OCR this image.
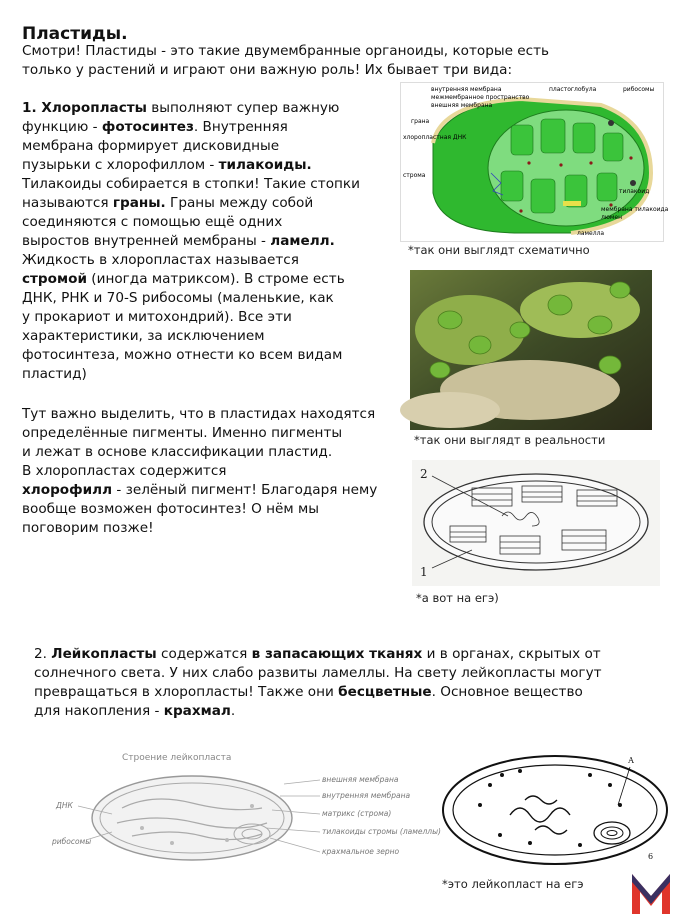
Пластиды.
Смотри! Пластиды - это такие двумембранные органоиды, которые есть
только у растений и играют они важную роль! Их бывает три вида:
1. Хлоропласты выполняют супер важную
функцию - фотосинтез. Внутренняя
мембрана формирует дисковидные
пузырьки с хлорофиллом - тилакоиды.
Тилакоиды собирается в стопки! Такие стопки
называются граны. Граны между собой
соединяются с помощью ещё одних
выростов внутренней мембраны - ламелл.
Жидкость в хлоропластах называется
стромой (иногда матриксом). В строме есть
ДНК, РНК и 70-S рибосомы (маленькие, как
у прокариот и митохондрий). Все эти
характеристики, за исключением
фотосинтеза, можно отнести ко всем видам
пластид)
Тут важно выделить, что в пластидах находятся
определённые пигменты. Именно пигменты
и лежат в основе классификации пластид.
В хлоропластах содержится
хлорофилл - зелёный пигмент! Благодаря нему
вообще возможен фотосинтез! О нём мы
поговорим позже!
внутренняя мембрана
межмембранное пространство
внешняя мембрана
грана
хлоропластная ДНК
строма
пластоглобула	рибосомы
тилакоид
мембрана тилакоида
люмен
ламелла
*так они выглядт схематично
*так они выглядт в реальности
2
1
*а вот на егэ)
2. Лейкопласты содержатся в запасающих тканях и в органах, скрытых от
солнечного света. У них слабо развиты ламеллы. На свету лейкопласты могут
превращаться в хлоропласты! Также они бесцветные. Основное вещество
для накопления - крахмал.
Строение лейкопласта
внешняя мембрана
внутренняя мембрана
матрикс (строма)
тилакоиды стромы (ламеллы)
крахмальное зерно
ДНК
рибосомы
А
6
*это лейкопласт на егэ
